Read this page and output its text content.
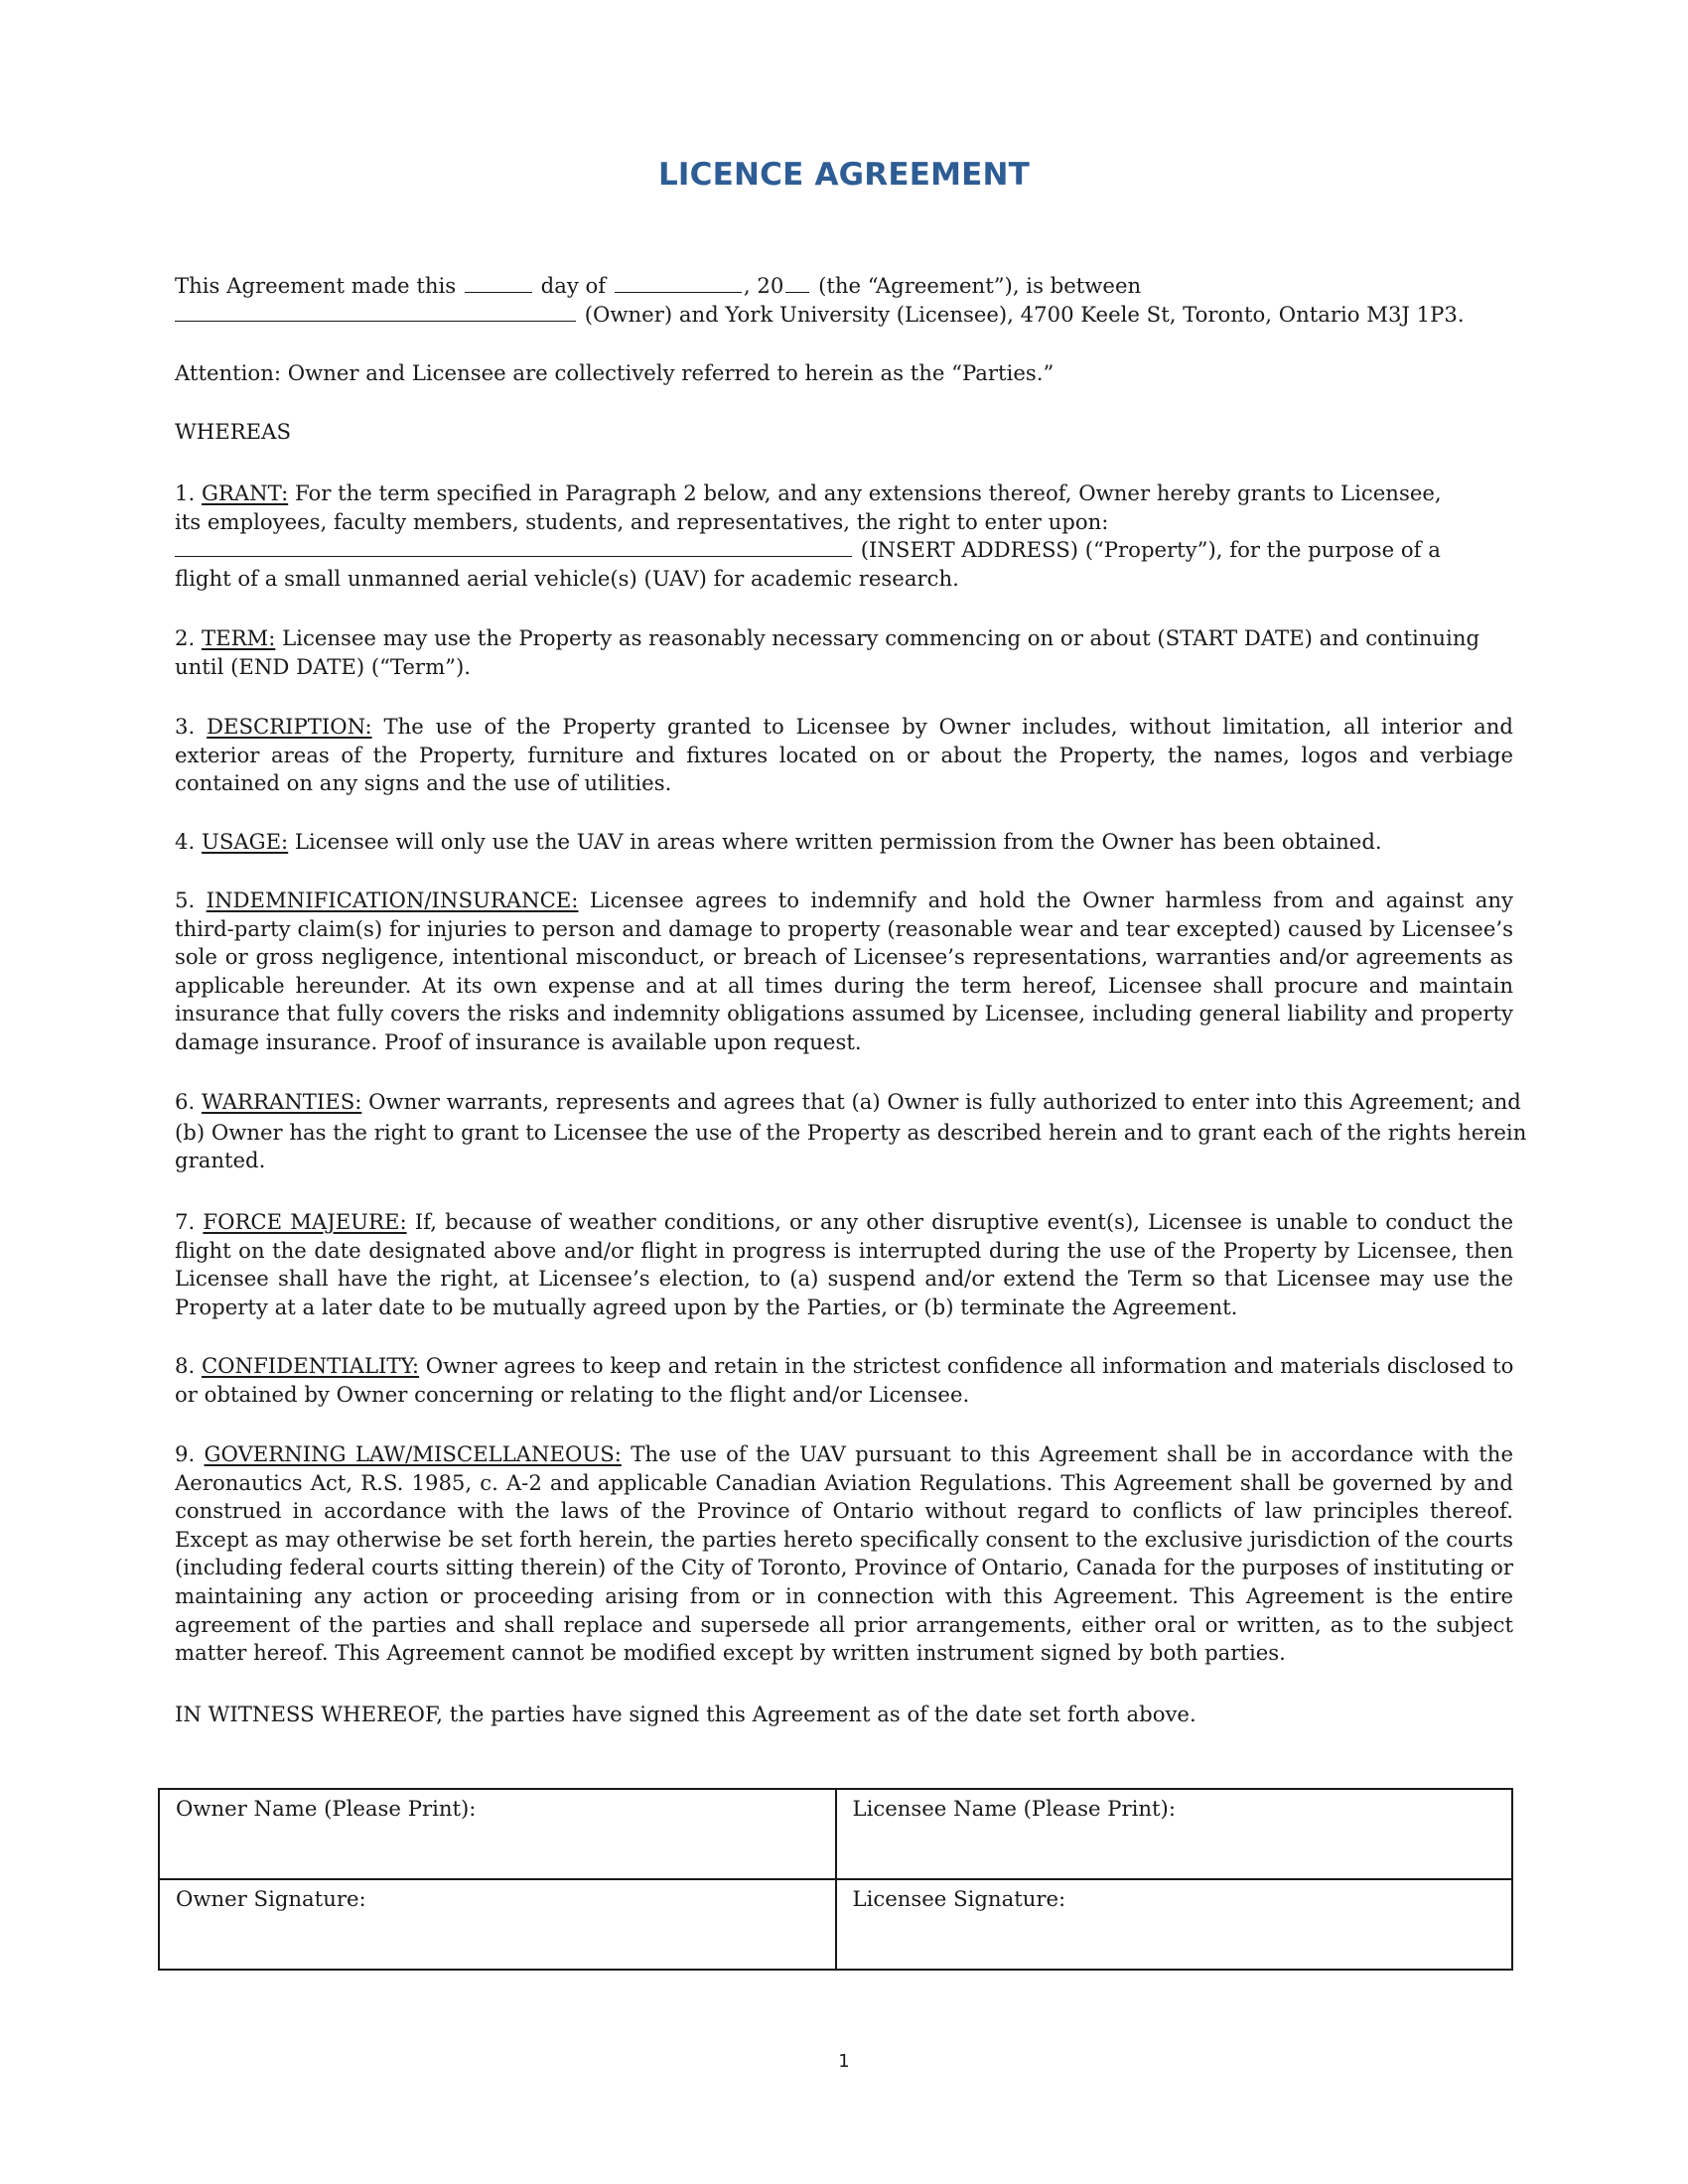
LICENCE AGREEMENT
This Agreement made this	day of	, 20 (the “Agreement”), is between
(Owner) and York University (Licensee), 4700 Keele St, Toronto, Ontario M3J 1P3.
Attention: Owner and Licensee are collectively referred to herein as the “Parties.”
WHEREAS
1. GRANT: For the term specified in Paragraph 2 below, and any extensions thereof, Owner hereby grants to Licensee,
its employees, faculty members, students, and representatives, the right to enter upon:
(INSERT ADDRESS) (“Property”), for the purpose of a
flight of a small unmanned aerial vehicle(s) (UAV) for academic research.
2. TERM: Licensee may use the Property as reasonably necessary commencing on or about (START DATE) and continuing
until (END DATE) (“Term”).
3. DESCRIPTION: The use of the Property granted to Licensee by Owner includes, without limitation, all interior and exterior areas of the Property, furniture and fixtures located on or about the Property, the names, logos and verbiage contained on any signs and the use of utilities.
4. USAGE: Licensee will only use the UAV in areas where written permission from the Owner has been obtained.
5. INDEMNIFICATION/INSURANCE: Licensee agrees to indemnify and hold the Owner harmless from and against any third-party claim(s) for injuries to person and damage to property (reasonable wear and tear excepted) caused by Licensee’s sole or gross negligence, intentional misconduct, or breach of Licensee’s representations, warranties and/or agreements as applicable hereunder. At its own expense and at all times during the term hereof, Licensee shall procure and maintain insurance that fully covers the risks and indemnity obligations assumed by Licensee, including general liability and property damage insurance. Proof of insurance is available upon request.
6. WARRANTIES: Owner warrants, represents and agrees that (a) Owner is fully authorized to enter into this Agreement; and
(b) Owner has the right to grant to Licensee the use of the Property as described herein and to grant each of the rights herein
granted.
7. FORCE MAJEURE: If, because of weather conditions, or any other disruptive event(s), Licensee is unable to conduct the flight on the date designated above and/or flight in progress is interrupted during the use of the Property by Licensee, then Licensee shall have the right, at Licensee’s election, to (a) suspend and/or extend the Term so that Licensee may use the Property at a later date to be mutually agreed upon by the Parties, or (b) terminate the Agreement.
8. CONFIDENTIALITY: Owner agrees to keep and retain in the strictest confidence all information and materials disclosed to
or obtained by Owner concerning or relating to the flight and/or Licensee.
9. GOVERNING LAW/MISCELLANEOUS: The use of the UAV pursuant to this Agreement shall be in accordance with the Aeronautics Act, R.S. 1985, c. A-2 and applicable Canadian Aviation Regulations. This Agreement shall be governed by and construed in accordance with the laws of the Province of Ontario without regard to conflicts of law principles thereof. Except as may otherwise be set forth herein, the parties hereto specifically consent to the exclusive jurisdiction of the courts (including federal courts sitting therein) of the City of Toronto, Province of Ontario, Canada for the purposes of instituting or maintaining any action or proceeding arising from or in connection with this Agreement. This Agreement is the entire agreement of the parties and shall replace and supersede all prior arrangements, either oral or written, as to the subject matter hereof. This Agreement cannot be modified except by written instrument signed by both parties.
IN WITNESS WHEREOF, the parties have signed this Agreement as of the date set forth above.
Owner Name (Please Print):	Licensee Name (Please Print):
Owner Signature:	Licensee Signature:
1
